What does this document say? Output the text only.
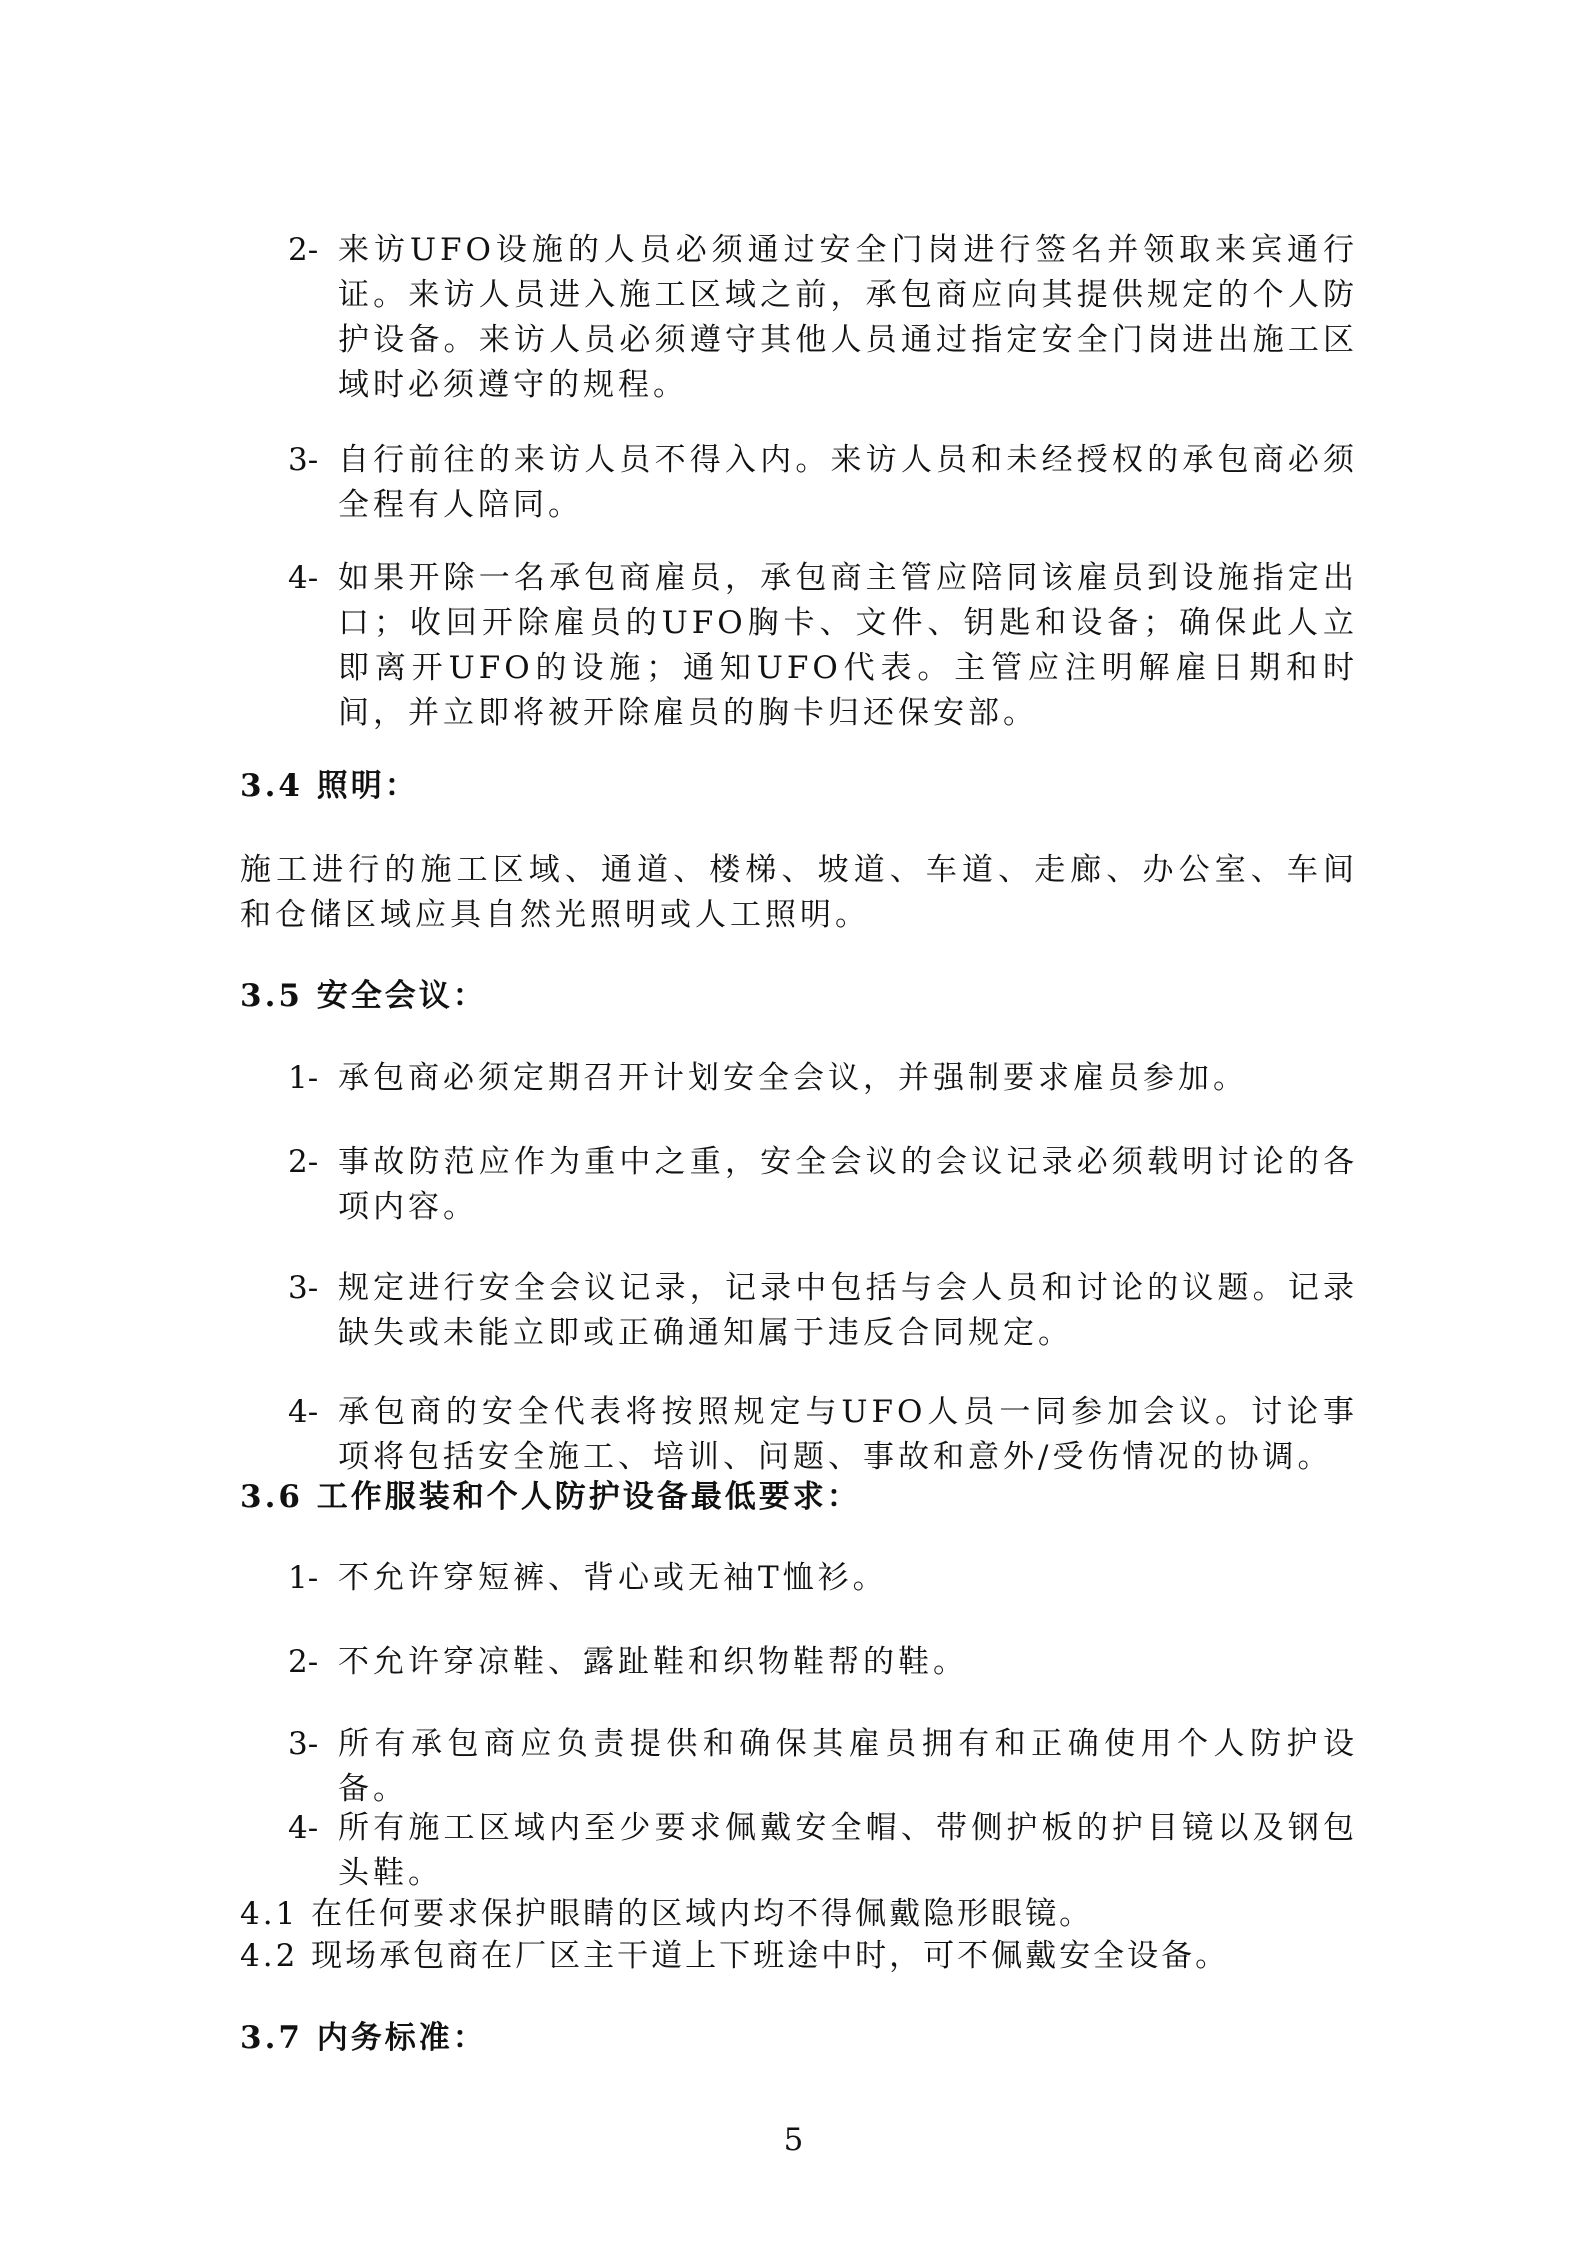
2- 来访UFO设施的人员必须通过安全门岗进行签名并领取来宾通行证。来访人员进入施工区域之前，承包商应向其提供规定的个人防护设备。来访人员必须遵守其他人员通过指定安全门岗进出施工区域时必须遵守的规程。
3- 自行前往的来访人员不得入内。来访人员和未经授权的承包商必须全程有人陪同。
4- 如果开除一名承包商雇员，承包商主管应陪同该雇员到设施指定出口；收回开除雇员的UFO胸卡、文件、钥匙和设备；确保此人立即离开UFO的设施；通知UFO代表。主管应注明解雇日期和时间，并立即将被开除雇员的胸卡归还保安部。
3.4 照明：
施工进行的施工区域、通道、楼梯、坡道、车道、走廊、办公室、车间和仓储区域应具自然光照明或人工照明。
3.5 安全会议：
1- 承包商必须定期召开计划安全会议，并强制要求雇员参加。
2- 事故防范应作为重中之重，安全会议的会议记录必须载明讨论的各项内容。
3- 规定进行安全会议记录，记录中包括与会人员和讨论的议题。记录缺失或未能立即或正确通知属于违反合同规定。
4- 承包商的安全代表将按照规定与UFO人员一同参加会议。讨论事项将包括安全施工、培训、问题、事故和意外/受伤情况的协调。
3.6 工作服装和个人防护设备最低要求：
1- 不允许穿短裤、背心或无袖T恤衫。
2- 不允许穿凉鞋、露趾鞋和织物鞋帮的鞋。
3- 所有承包商应负责提供和确保其雇员拥有和正确使用个人防护设备。
4- 所有施工区域内至少要求佩戴安全帽、带侧护板的护目镜以及钢包头鞋。
4.1 在任何要求保护眼睛的区域内均不得佩戴隐形眼镜。
4.2 现场承包商在厂区主干道上下班途中时，可不佩戴安全设备。
3.7 内务标准：
5
